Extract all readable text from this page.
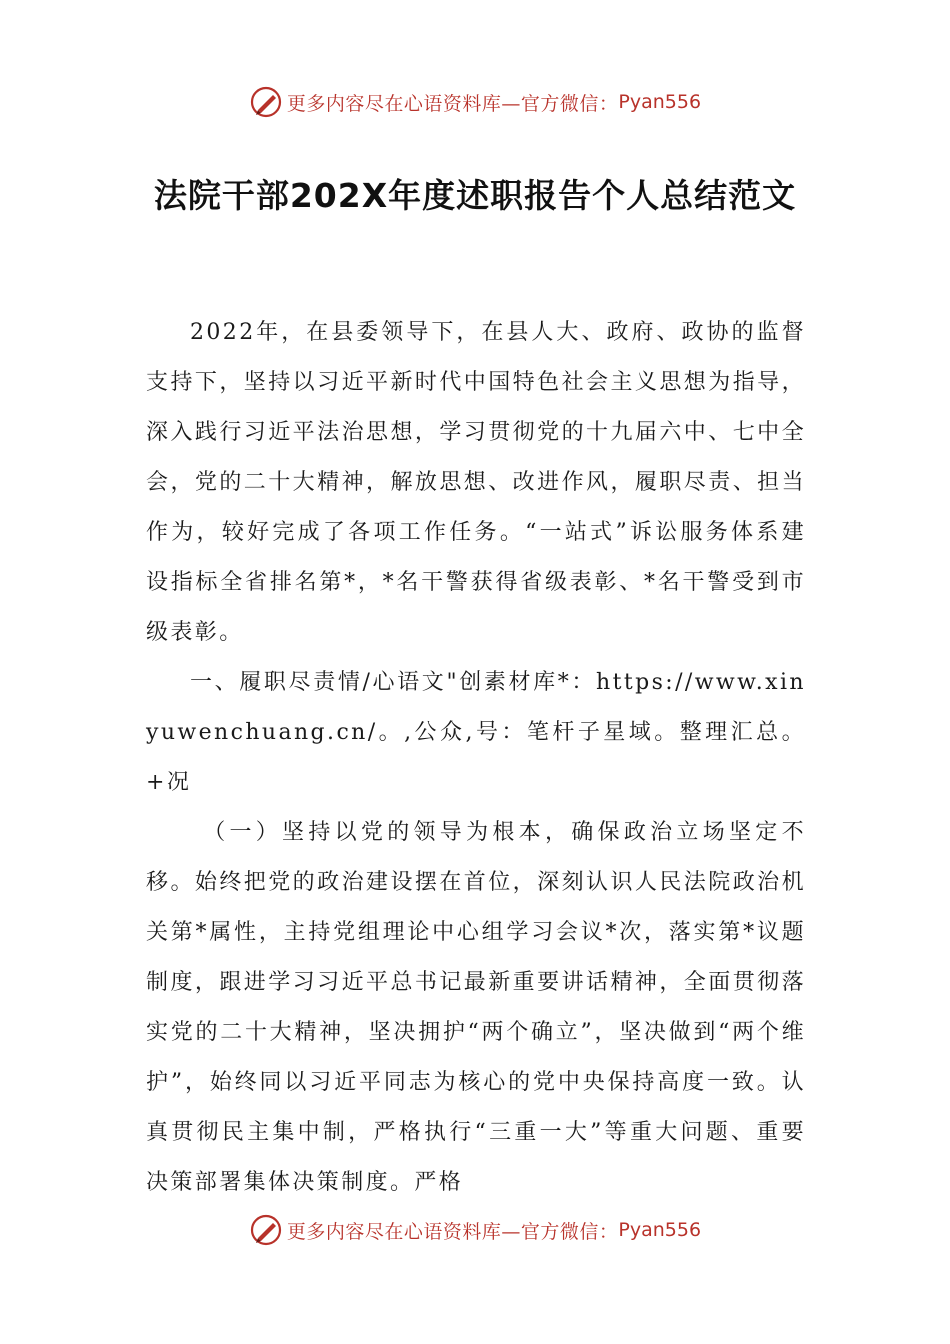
更多内容尽在心语资料库—官方微信： Pyan556
法院干部202X年度述职报告个人总结范文

2022年，在县委领导下，在县人大、政府、政协的监督支持下，坚持以习近平新时代中国特色社会主义思想为指导，深入践行习近平法治思想，学习贯彻党的十九届六中、七中全会，党的二十大精神，解放思想、改进作风，履职尽责、担当作为，较好完成了各项工作任务。“一站式”诉讼服务体系建设指标全省排名第*，*名干警获得省级表彰、*名干警受到市级表彰。

一、履职尽责情/心语文"创素材库*：https://www.xinyuwenchuang.cn/。,公众,号：笔杆子星域。整理汇总。+况

（一）坚持以党的领导为根本，确保政治立场坚定不移。始终把党的政治建设摆在首位，深刻认识人民法院政治机关第*属性，主持党组理论中心组学习会议*次，落实第*议题制度，跟进学习习近平总书记最新重要讲话精神，全面贯彻落实党的二十大精神，坚决拥护“两个确立”，坚决做到“两个维护”，始终同以习近平同志为核心的党中央保持高度一致。认真贯彻民主集中制，严格执行“三重一大”等重大问题、重要决策部署集体决策制度。严格

更多内容尽在心语资料库—官方微信： Pyan556
